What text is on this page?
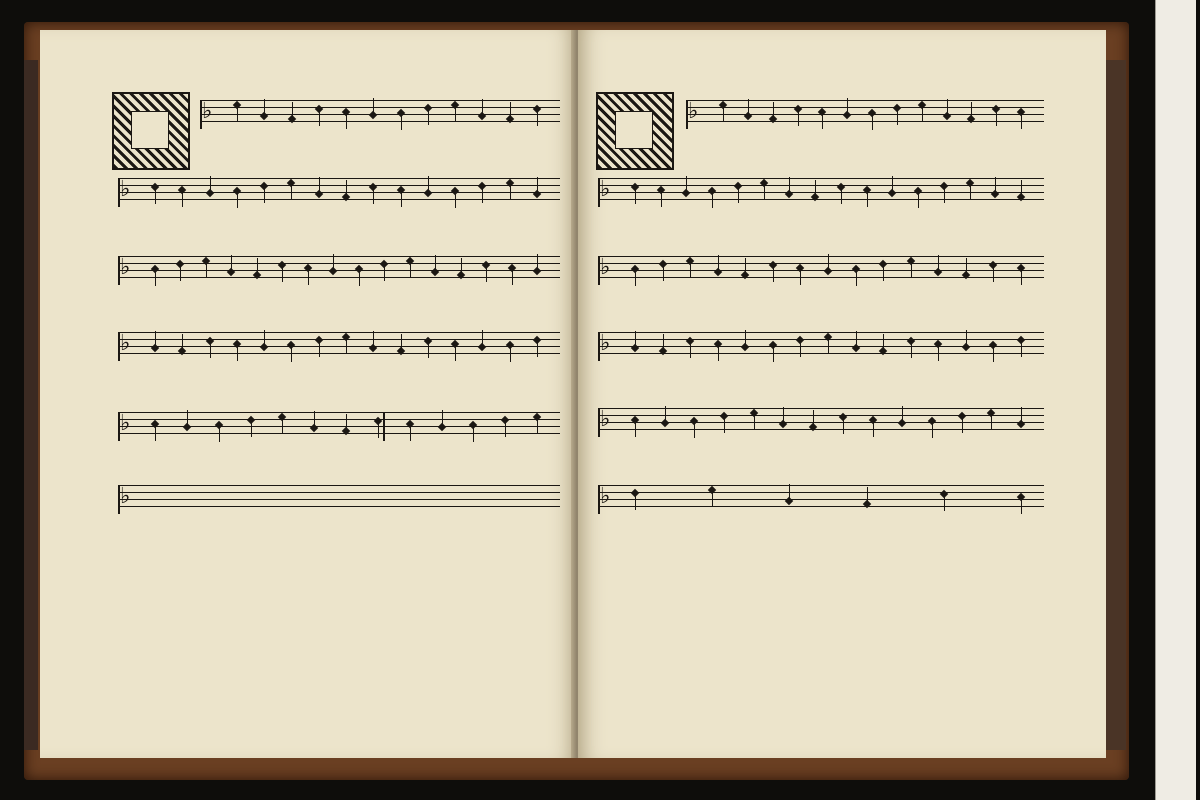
♭
♭
♭
♭
♭
♭
♭
♭
♭
♭
♭
♭
